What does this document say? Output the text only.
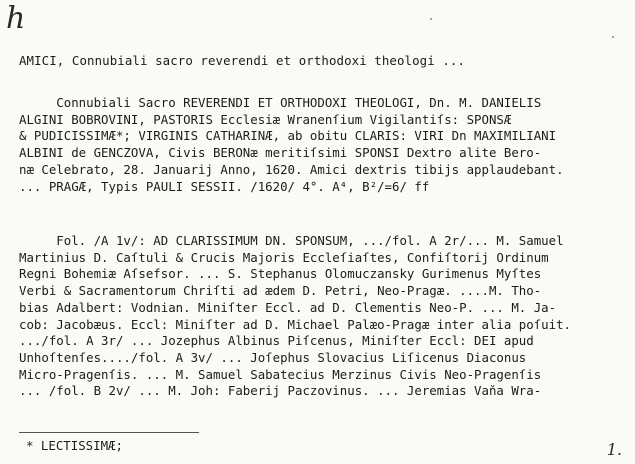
h
AMICI, Connubiali sacro reverendi et orthodoxi theologi ...
Connubiali Sacro REVERENDI ET ORTHODOXI THEOLOGI, Dn. M. DANIELIS
ALGINI BOBROVINI, PASTORIS Ecclesiæ Wranenſium Vigilantiſs: SPONSÆ
& PUDICISSIMÆ*; VIRGINIS CATHARINÆ, ab obitu CLARIS: VIRI Dn MAXIMILIANI
ALBINI de GENCZOVA, Civis BERONæ meritiſsimi SPONSI Dextro alite Bero-
næ Celebrato, 28. Januarij Anno, 1620. Amici dextris tibijs applaudebant.
... PRAGÆ, Typis PAULI SESSII. /1620/ 4°. A⁴, B²/=6/ ff
Fol. /A 1v/: AD CLARISSIMUM DN. SPONSUM, .../fol. A 2r/... M. Samuel
Martinius D. Caſtuli & Crucis Majoris Eccleſiaſtes, Confiſtorij Ordinum
Regni Bohemiæ Aſsefsor. ... S. Stephanus Olomuczansky Gurimenus Myſtes
Verbi & Sacramentorum Chriſti ad ædem D. Petri, Neo-Pragæ. ....M. Tho-
bias Adalbert: Vodnian. Miniſter Eccl. ad D. Clementis Neo-P. ... M. Ja-
cob: Jacobæus. Eccl: Miniſter ad D. Michael Palæo-Pragæ inter alia poſuit.
.../fol. A 3r/ ... Jozephus Albinus Piſcenus, Miniſter Eccl: DEI apud
Unhoſtenſes..../fol. A 3v/ ... Joſephus Slovacius Liſicenus Diaconus
Micro-Pragenſis. ... M. Samuel Sabatecius Merzinus Civis Neo-Pragenſis
... /fol. B 2v/ ... M. Joh: Faberij Paczovinus. ... Jeremias Vaňa Wra-
* LECTISSIMÆ;	1.
